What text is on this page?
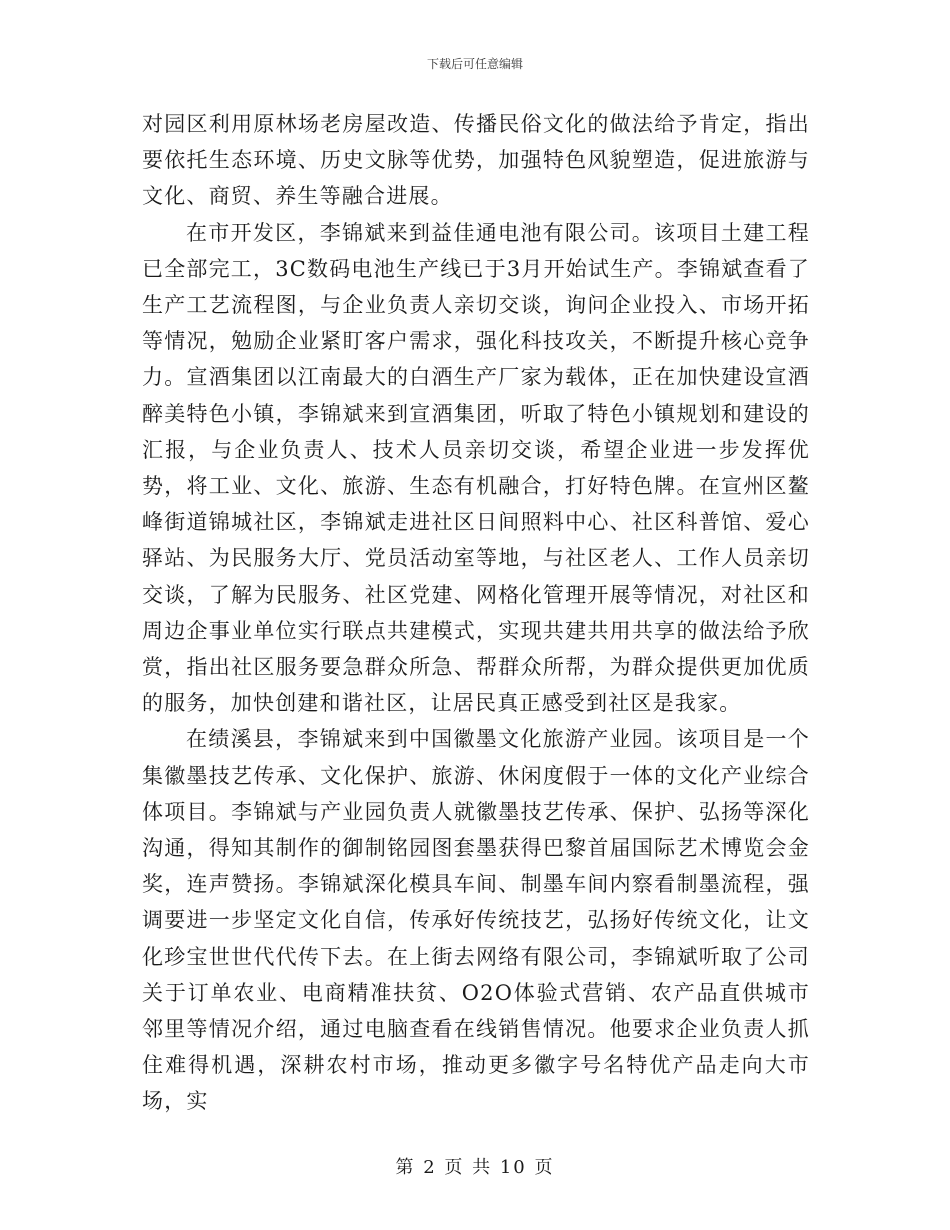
下载后可任意编辑

对园区利用原林场老房屋改造、传播民俗文化的做法给予肯定，指出要依托生态环境、历史文脉等优势，加强特色风貌塑造，促进旅游与文化、商贸、养生等融合进展。

在市开发区，李锦斌来到益佳通电池有限公司。该项目土建工程已全部完工，3C数码电池生产线已于3月开始试生产。李锦斌查看了生产工艺流程图，与企业负责人亲切交谈，询问企业投入、市场开拓等情况，勉励企业紧盯客户需求，强化科技攻关，不断提升核心竞争力。宣酒集团以江南最大的白酒生产厂家为载体，正在加快建设宣酒醉美特色小镇，李锦斌来到宣酒集团，听取了特色小镇规划和建设的汇报，与企业负责人、技术人员亲切交谈，希望企业进一步发挥优势，将工业、文化、旅游、生态有机融合，打好特色牌。在宣州区鳌峰街道锦城社区，李锦斌走进社区日间照料中心、社区科普馆、爱心驿站、为民服务大厅、党员活动室等地，与社区老人、工作人员亲切交谈，了解为民服务、社区党建、网格化管理开展等情况，对社区和周边企事业单位实行联点共建模式，实现共建共用共享的做法给予欣赏，指出社区服务要急群众所急、帮群众所帮，为群众提供更加优质的服务，加快创建和谐社区，让居民真正感受到社区是我家。

在绩溪县，李锦斌来到中国徽墨文化旅游产业园。该项目是一个集徽墨技艺传承、文化保护、旅游、休闲度假于一体的文化产业综合体项目。李锦斌与产业园负责人就徽墨技艺传承、保护、弘扬等深化沟通，得知其制作的御制铭园图套墨获得巴黎首届国际艺术博览会金奖，连声赞扬。李锦斌深化模具车间、制墨车间内察看制墨流程，强调要进一步坚定文化自信，传承好传统技艺，弘扬好传统文化，让文化珍宝世世代代传下去。在上街去网络有限公司，李锦斌听取了公司关于订单农业、电商精准扶贫、O2O体验式营销、农产品直供城市邻里等情况介绍，通过电脑查看在线销售情况。他要求企业负责人抓住难得机遇，深耕农村市场，推动更多徽字号名特优产品走向大市场，实

第 2 页 共 10 页
